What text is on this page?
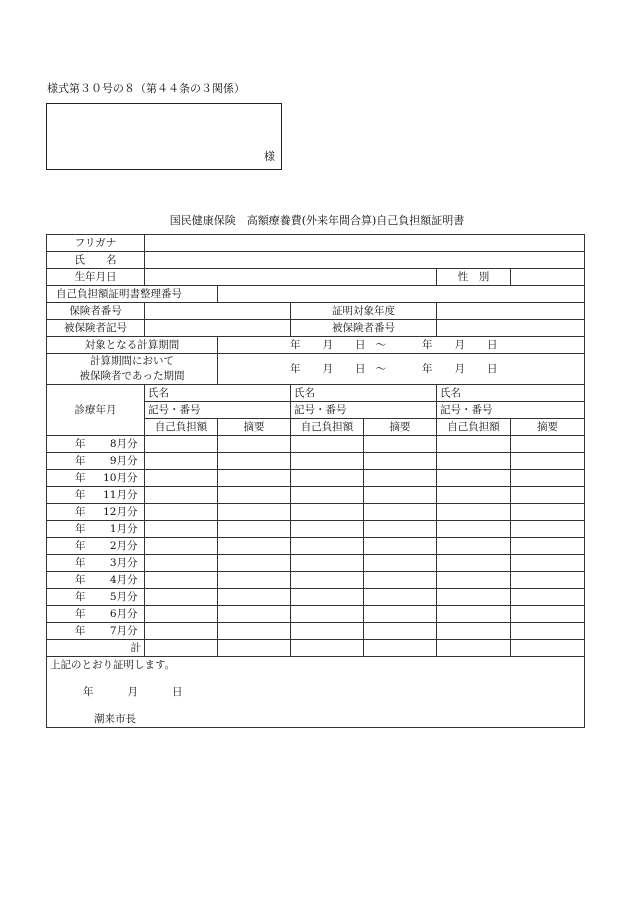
様式第３０号の８（第４４条の３関係）
様
国民健康保険　高額療養費(外来年間合算)自己負担額証明書
フリガナ						
氏　　名						
生年月日					性　別	
自己負担額証明書整理番号						
保険者番号			証明対象年度			
被保険者記号			被保険者番号			
対象となる計算期間		年 月 日 ～ 年 月 日				

計算期間において
被保険者であった期間		年 月 日 ～ 年 月 日				
診療年月	氏名		氏名		氏名	
	記号・番号		記号・番号		記号・番号	
	自己負担額	摘要	自己負担額	摘要	自己負担額	摘要
年 8月分						
年 9月分						
年 10月分						
年 11月分						
年 12月分						
年 1月分						
年 2月分						
年 3月分						
年 4月分						
年 5月分						
年 6月分						
年 7月分						
計						

上記のとおり証明します。
年 月 日
潮来市長						
